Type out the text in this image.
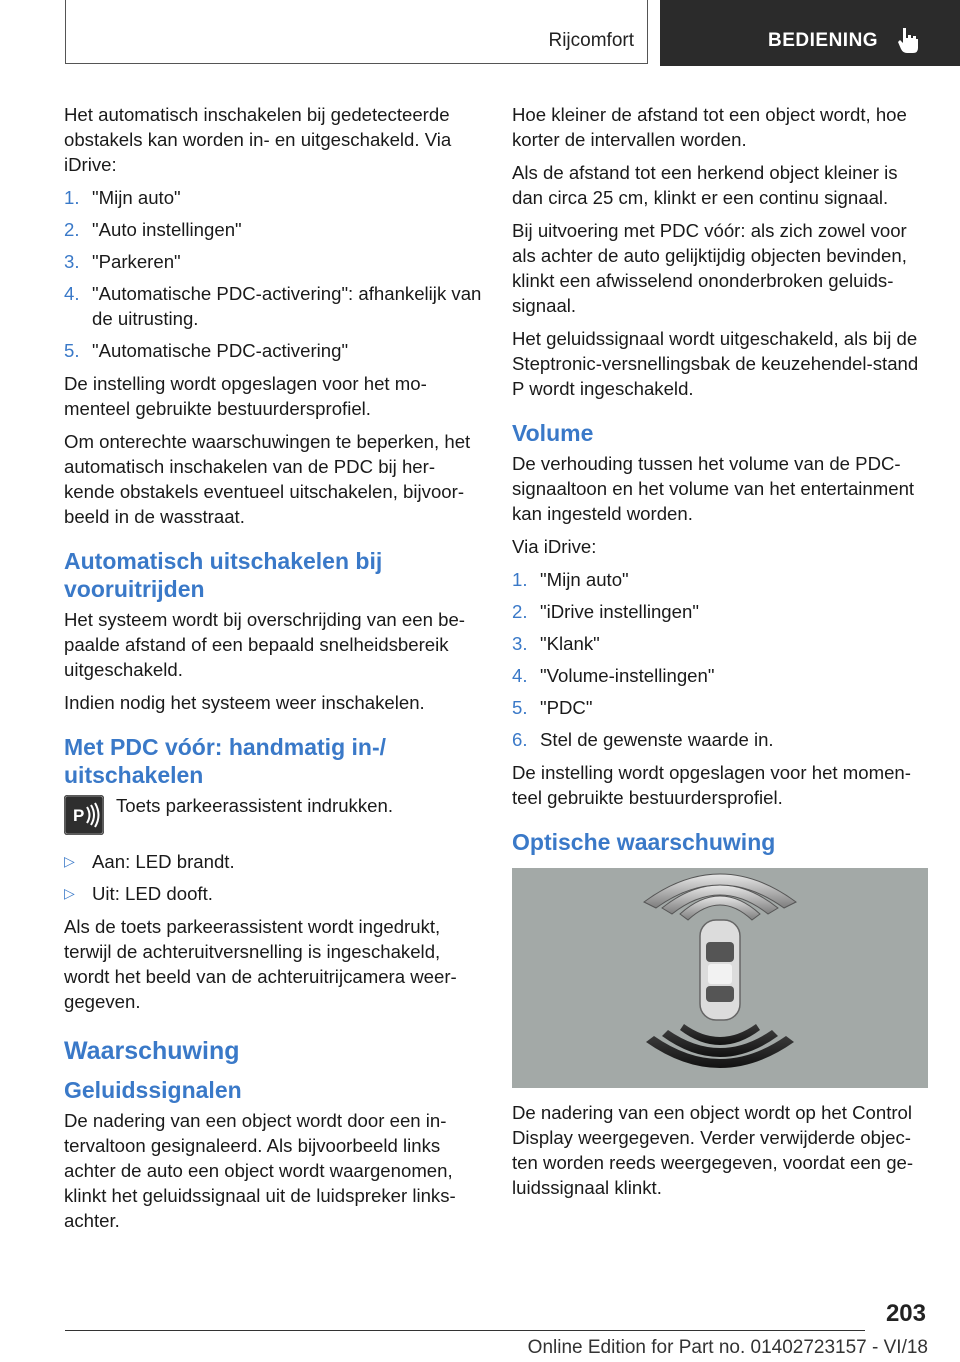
Rijcomfort	BEDIENING

Het automatisch inschakelen bij gedetecteerde obstakels kan worden in- en uitgeschakeld. Via iDrive:

1. "Mijn auto"
2. "Auto instellingen"
3. "Parkeren"
4. "Automatische PDC-activering": afhankelijk van de uitrusting.
5. "Automatische PDC-activering"

De instelling wordt opgeslagen voor het mo-menteel gebruikte bestuurdersprofiel.

Om onterechte waarschuwingen te beperken, het automatisch inschakelen van de PDC bij her-kende obstakels eventueel uitschakelen, bijvoor-beeld in de wasstraat.

Automatisch uitschakelen bij vooruitrijden

Het systeem wordt bij overschrijding van een be-paalde afstand of een bepaald snelheidsbereik uitgeschakeld.

Indien nodig het systeem weer inschakelen.

Met PDC vóór: handmatig in-/ uitschakelen
P Toets parkeerassistent indrukken.
▷ Aan: LED brandt.
▷ Uit: LED dooft.

Als de toets parkeerassistent wordt ingedrukt, terwijl de achteruitversnelling is ingeschakeld, wordt het beeld van de achteruitrijcamera weer-gegeven.

Waarschuwing
Geluidssignalen

De nadering van een object wordt door een in-tervaltoon gesignaleerd. Als bijvoorbeeld links achter de auto een object wordt waargenomen, klinkt het geluidssignaal uit de luidspreker links-achter.

Hoe kleiner de afstand tot een object wordt, hoe korter de intervallen worden.

Als de afstand tot een herkend object kleiner is dan circa 25 cm, klinkt er een continu signaal.

Bij uitvoering met PDC vóór: als zich zowel voor als achter de auto gelijktijdig objecten bevinden, klinkt een afwisselend ononderbroken geluids-signaal.

Het geluidssignaal wordt uitgeschakeld, als bij de Steptronic-versnellingsbak de keuzehendel-stand P wordt ingeschakeld.

Volume

De verhouding tussen het volume van de PDC-signaaltoon en het volume van het entertainment kan ingesteld worden.

Via iDrive:

1. "Mijn auto"
2. "iDrive instellingen"
3. "Klank"
4. "Volume-instellingen"
5. "PDC"
6. Stel de gewenste waarde in.

De instelling wordt opgeslagen voor het momen-teel gebruikte bestuurdersprofiel.

Optische waarschuwing

De nadering van een object wordt op het Control Display weergegeven. Verder verwijderde objec-ten worden reeds weergegeven, voordat een ge-luidssignaal klinkt.

203
Online Edition for Part no. 01402723157 - VI/18
